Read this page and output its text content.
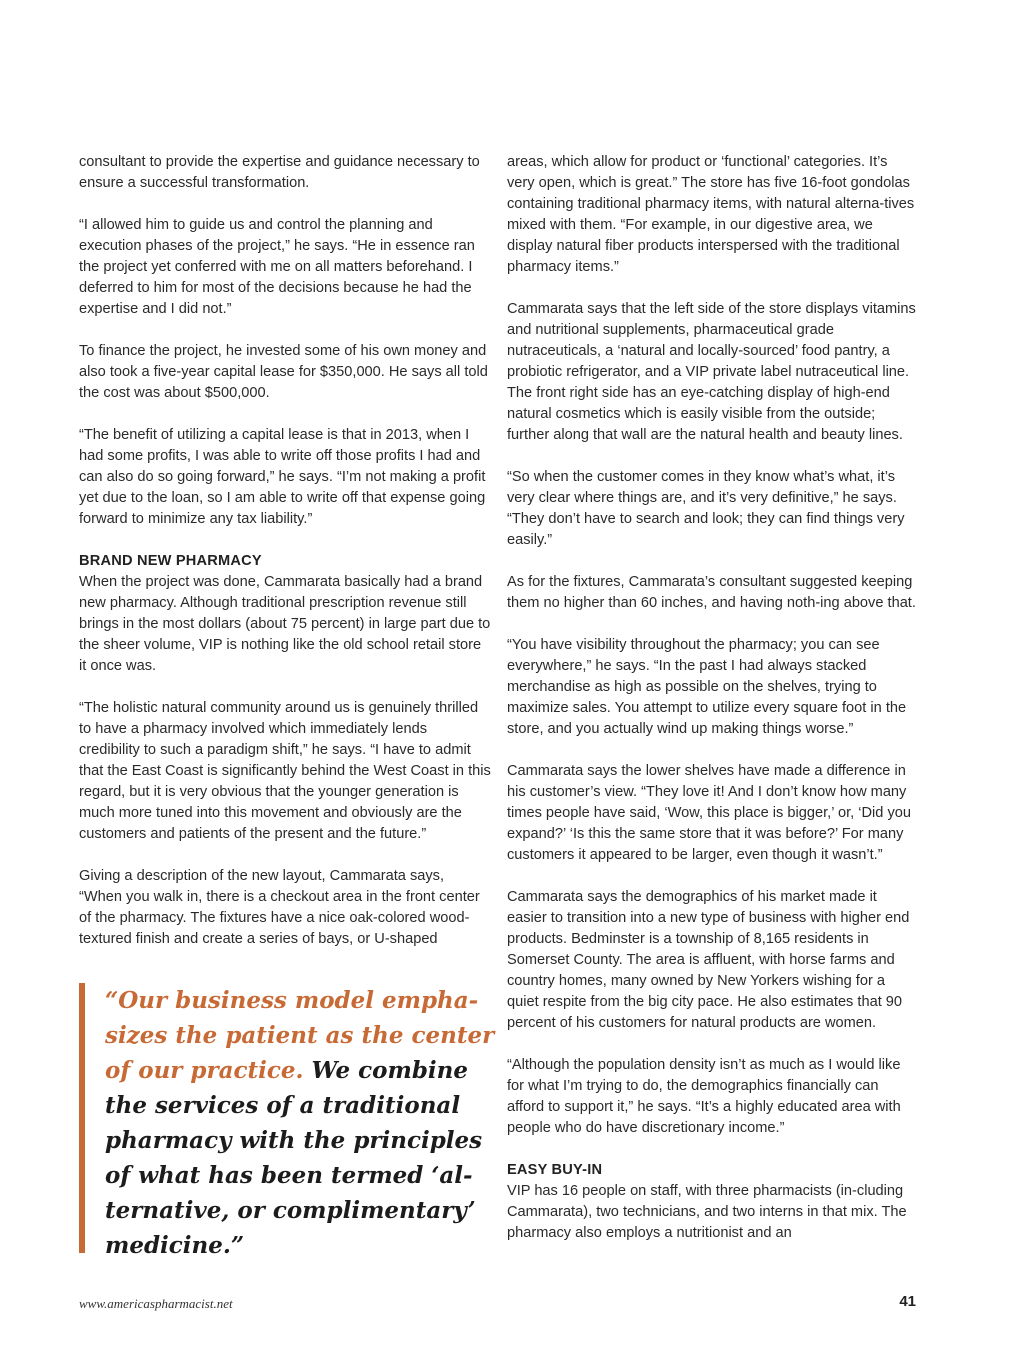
consultant to provide the expertise and guidance necessary to ensure a successful transformation.

“I allowed him to guide us and control the planning and execution phases of the project,” he says. “He in essence ran the project yet conferred with me on all matters beforehand. I deferred to him for most of the decisions because he had the expertise and I did not.”

To finance the project, he invested some of his own money and also took a five-year capital lease for $350,000. He says all told the cost was about $500,000.

“The benefit of utilizing a capital lease is that in 2013, when I had some profits, I was able to write off those profits I had and can also do so going forward,” he says. “I’m not making a profit yet due to the loan, so I am able to write off that expense going forward to minimize any tax liability.”

BRAND NEW PHARMACY

When the project was done, Cammarata basically had a brand new pharmacy. Although traditional prescription revenue still brings in the most dollars (about 75 percent) in large part due to the sheer volume, VIP is nothing like the old school retail store it once was.

“The holistic natural community around us is genuinely thrilled to have a pharmacy involved which immediately lends credibility to such a paradigm shift,” he says. “I have to admit that the East Coast is significantly behind the West Coast in this regard, but it is very obvious that the younger generation is much more tuned into this movement and obviously are the customers and patients of the present and the future.”

Giving a description of the new layout, Cammarata says, “When you walk in, there is a checkout area in the front center of the pharmacy. The fixtures have a nice oak-colored wood-textured finish and create a series of bays, or U-shaped

“Our business model empha-sizes the patient as the center of our practice. We combine the services of a traditional pharmacy with the principles of what has been termed ‘al-ternative, or complimentary’ medicine.”

areas, which allow for product or ‘functional’ categories. It’s very open, which is great.” The store has five 16-foot gondolas containing traditional pharmacy items, with natural alterna-tives mixed with them. “For example, in our digestive area, we display natural fiber products interspersed with the traditional pharmacy items.”

Cammarata says that the left side of the store displays vitamins and nutritional supplements, pharmaceutical grade nutraceuticals, a ‘natural and locally-sourced’ food pantry, a probiotic refrigerator, and a VIP private label nutraceutical line. The front right side has an eye-catching display of high-end natural cosmetics which is easily visible from the outside; further along that wall are the natural health and beauty lines.

“So when the customer comes in they know what’s what, it’s very clear where things are, and it’s very definitive,” he says. “They don’t have to search and look; they can find things very easily.”

As for the fixtures, Cammarata’s consultant suggested keeping them no higher than 60 inches, and having noth-ing above that.

“You have visibility throughout the pharmacy; you can see everywhere,” he says. “In the past I had always stacked merchandise as high as possible on the shelves, trying to maximize sales. You attempt to utilize every square foot in the store, and you actually wind up making things worse.”

Cammarata says the lower shelves have made a difference in his customer’s view. “They love it! And I don’t know how many times people have said, ‘Wow, this place is bigger,’ or, ‘Did you expand?’ ‘Is this the same store that it was before?’ For many customers it appeared to be larger, even though it wasn’t.”

Cammarata says the demographics of his market made it easier to transition into a new type of business with higher end products. Bedminster is a township of 8,165 residents in Somerset County. The area is affluent, with horse farms and country homes, many owned by New Yorkers wishing for a quiet respite from the big city pace. He also estimates that 90 percent of his customers for natural products are women.

“Although the population density isn’t as much as I would like for what I’m trying to do, the demographics financially can afford to support it,” he says. “It’s a highly educated area with people who do have discretionary income.”

EASY BUY-IN

VIP has 16 people on staff, with three pharmacists (in-cluding Cammarata), two technicians, and two interns in that mix. The pharmacy also employs a nutritionist and an

www.americaspharmacist.net	41
